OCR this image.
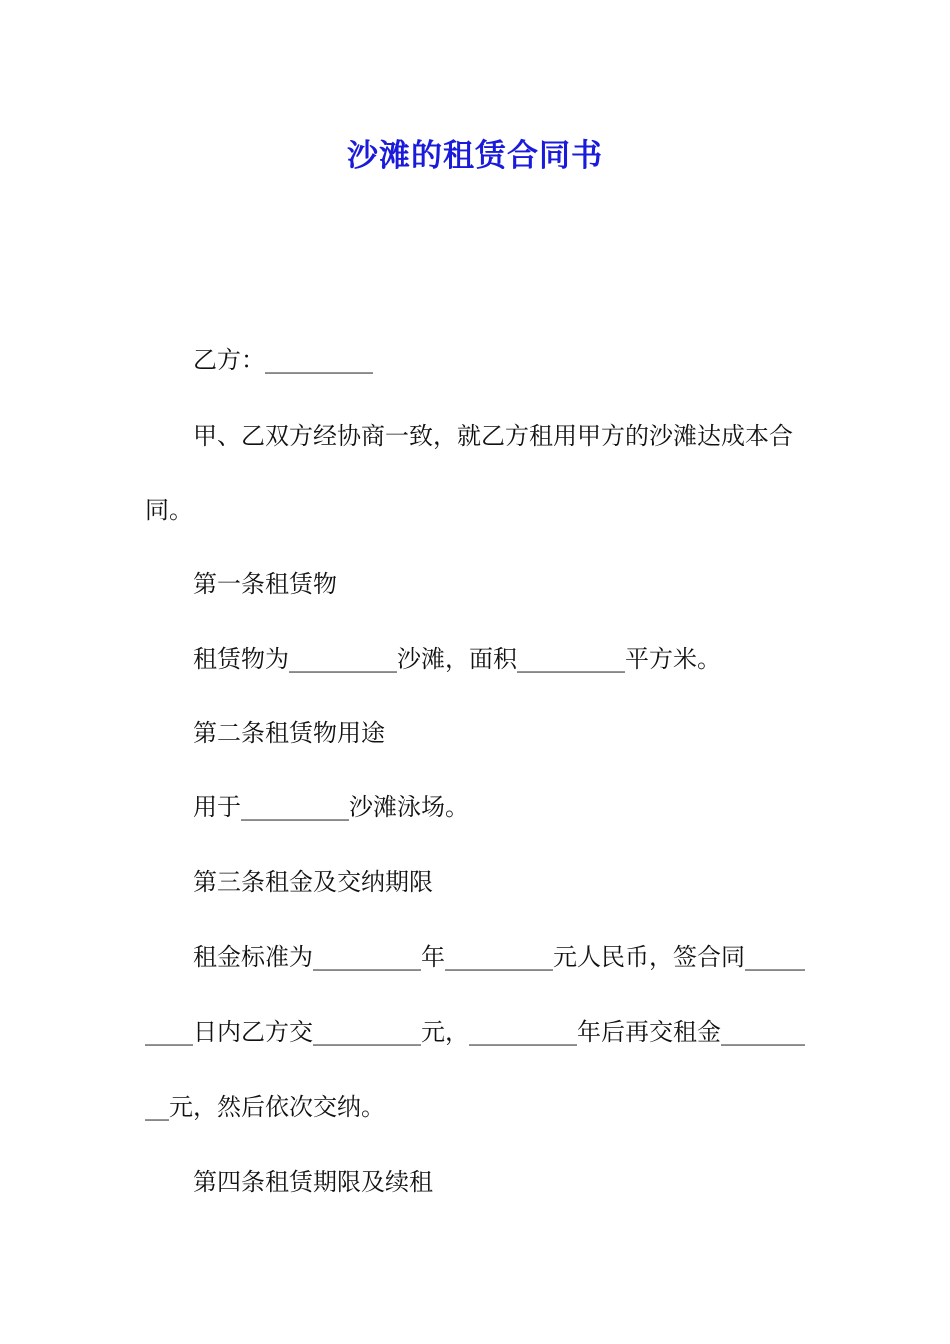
沙滩的租赁合同书
乙方：_________
甲、乙双方经协商一致，就乙方租用甲方的沙滩达成本合
同。
第一条租赁物
租赁物为_________沙滩，面积_________平方米。
第二条租赁物用途
用于_________沙滩泳场。
第三条租金及交纳期限
租金标准为_________年_________元人民币，签合同_____
____日内乙方交_________元，_________年后再交租金_______
__元，然后依次交纳。
第四条租赁期限及续租
